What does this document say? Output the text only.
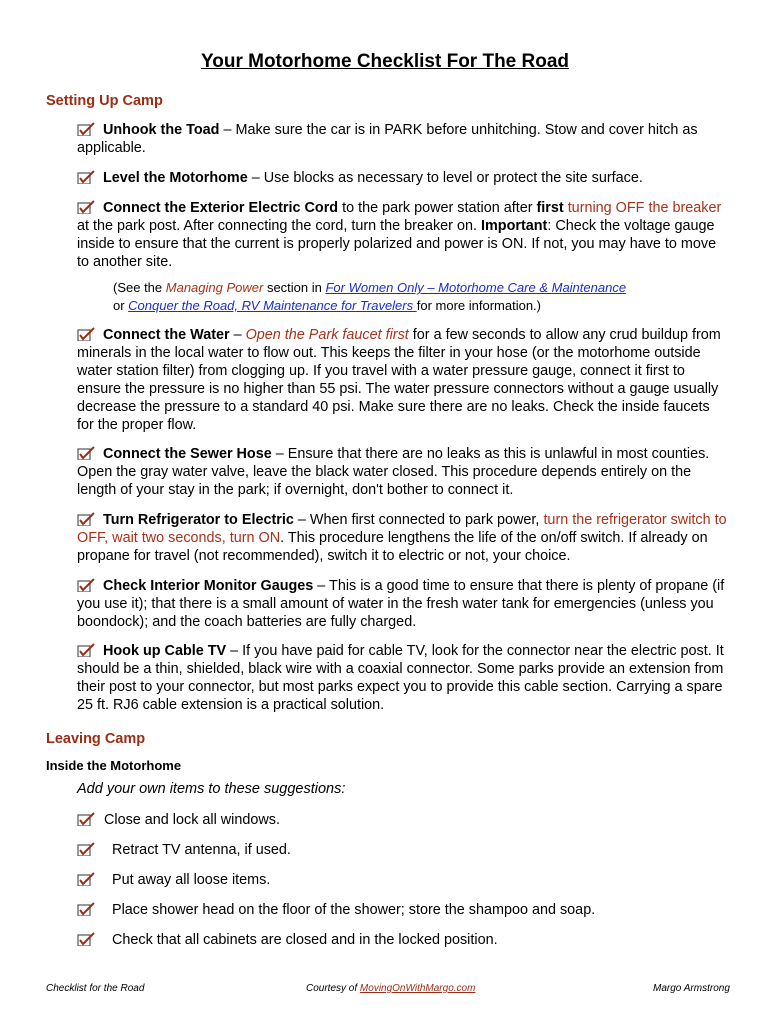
Your Motorhome Checklist For The Road
Setting Up Camp
Unhook the Toad – Make sure the car is in PARK before unhitching. Stow and cover hitch as applicable.
Level the Motorhome – Use blocks as necessary to level or protect the site surface.
Connect the Exterior Electric Cord to the park power station after first turning OFF the breaker at the park post. After connecting the cord, turn the breaker on. Important: Check the voltage gauge inside to ensure that the current is properly polarized and power is ON. If not, you may have to move to another site.
(See the Managing Power section in For Women Only – Motorhome Care & Maintenance
or Conquer the Road, RV Maintenance for Travelers for more information.)
Connect the Water – Open the Park faucet first for a few seconds to allow any crud buildup from minerals in the local water to flow out. This keeps the filter in your hose (or the motorhome outside water station filter) from clogging up. If you travel with a water pressure gauge, connect it first to ensure the pressure is no higher than 55 psi. The water pressure connectors without a gauge usually decrease the pressure to a standard 40 psi. Make sure there are no leaks. Check the inside faucets for the proper flow.
Connect the Sewer Hose – Ensure that there are no leaks as this is unlawful in most counties. Open the gray water valve, leave the black water closed. This procedure depends entirely on the length of your stay in the park; if overnight, don't bother to connect it.
Turn Refrigerator to Electric – When first connected to park power, turn the refrigerator switch to OFF, wait two seconds, turn ON. This procedure lengthens the life of the on/off switch. If already on propane for travel (not recommended), switch it to electric or not, your choice.
Check Interior Monitor Gauges – This is a good time to ensure that there is plenty of propane (if you use it); that there is a small amount of water in the fresh water tank for emergencies (unless you boondock); and the coach batteries are fully charged.
Hook up Cable TV – If you have paid for cable TV, look for the connector near the electric post. It should be a thin, shielded, black wire with a coaxial connector. Some parks provide an extension from their post to your connector, but most parks expect you to provide this cable section. Carrying a spare 25 ft. RJ6 cable extension is a practical solution.
Leaving Camp
Inside the Motorhome
Add your own items to these suggestions:
Close and lock all windows.
Retract TV antenna, if used.
Put away all loose items.
Place shower head on the floor of the shower; store the shampoo and soap.
Check that all cabinets are closed and in the locked position.
Checklist for the Road	Courtesy of MovingOnWithMargo.com	Margo Armstrong
